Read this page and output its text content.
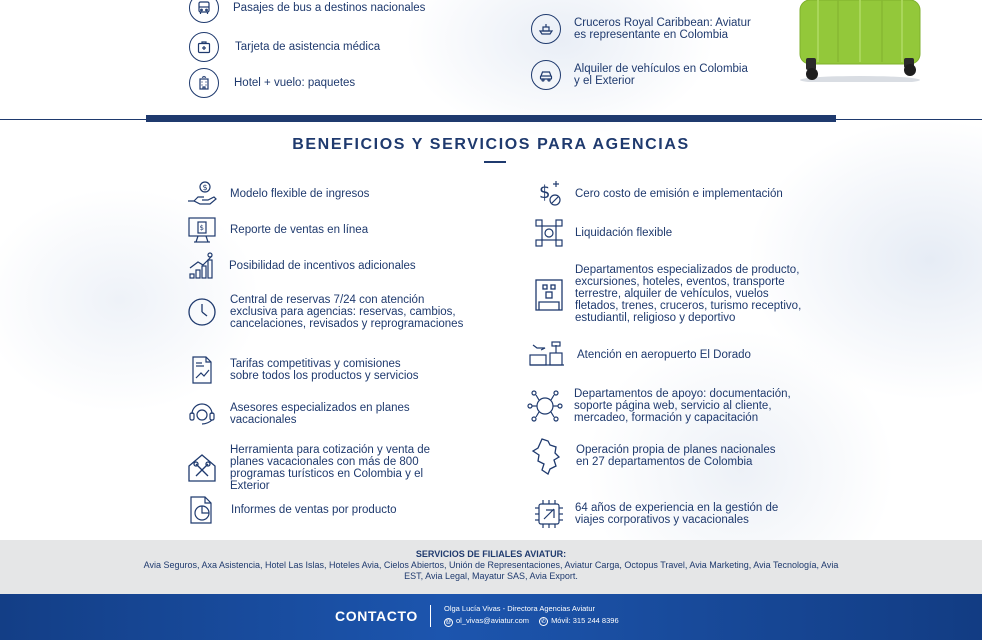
Pasajes de bus a destinos nacionales
Tarjeta de asistencia médica
Hotel + vuelo: paquetes
Cruceros Royal Caribbean: Aviatur
es representante en Colombia
Alquiler de vehículos en Colombia
y el Exterior
BENEFICIOS Y SERVICIOS PARA AGENCIAS
$
Modelo flexible de ingresos
$ Reporte de ventas en línea
Posibilidad de incentivos adicionales
Central de reservas 7/24 con atención
exclusiva para agencias: reservas, cambios,
cancelaciones, revisados y reprogramaciones
Tarifas competitivas y comisiones
sobre todos los productos y servicios
Asesores especializados en planes
vacacionales
Herramienta para cotización y venta de
planes vacacionales con más de 800
programas turísticos en Colombia y el
Exterior
Informes de ventas por producto
$ Cero costo de emisión e implementación
Liquidación flexible
Departamentos especializados de producto,
excursiones, hoteles, eventos, transporte
terrestre, alquiler de vehículos, vuelos
fletados, trenes, cruceros, turismo receptivo,
estudiantil, religioso y deportivo
Atención en aeropuerto El Dorado
Departamentos de apoyo: documentación,
soporte página web, servicio al cliente,
mercadeo, formación y capacitación
Operación propia de planes nacionales
en 27 departamentos de Colombia
64 años de experiencia en la gestión de
viajes corporativos y vacacionales
SERVICIOS DE FILIALES AVIATUR:
Avia Seguros, Axa Asistencia, Hotel Las Islas, Hoteles Avia, Cielos Abiertos, Unión de Representaciones, Aviatur Carga, Octopus Travel, Avia Marketing, Avia Tecnología, Avia EST, Avia Legal, Mayatur SAS, Avia Export.
CONTACTO	Olga Lucía Vivas - Directora Agencias Aviatur
@ ol_vivas@aviatur.com	✆ Móvil: 315 244 8396
